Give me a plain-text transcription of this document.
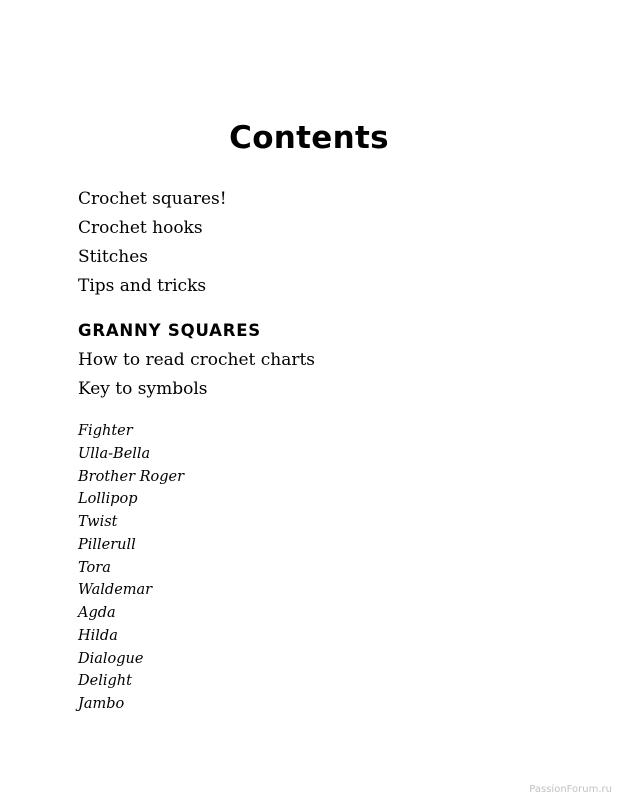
Contents
Crochet squares!
Crochet hooks
Stitches
Tips and tricks
GRANNY SQUARES
How to read crochet charts
Key to symbols
Fighter
Ulla-Bella
Brother Roger
Lollipop
Twist
Pillerull
Tora
Waldemar
Agda
Hilda
Dialogue
Delight
Jambo
PassionForum.ru
